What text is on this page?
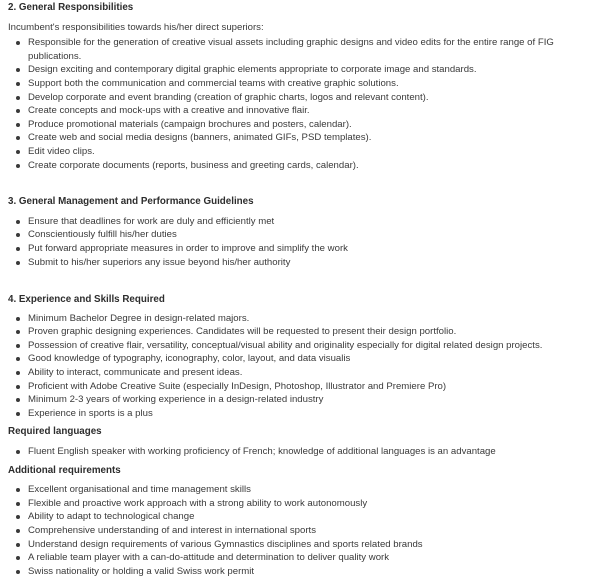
2. General Responsibilities
Incumbent's responsibilities towards his/her direct superiors:
Responsible for the generation of creative visual assets including graphic designs and video edits for the entire range of FIG publications.
Design exciting and contemporary digital graphic elements appropriate to corporate image and standards.
Support both the communication and commercial teams with creative graphic solutions.
Develop corporate and event branding (creation of graphic charts, logos and relevant content).
Create concepts and mock-ups with a creative and innovative flair.
Produce promotional materials (campaign brochures and posters, calendar).
Create web and social media designs (banners, animated GIFs, PSD templates).
Edit video clips.
Create corporate documents (reports, business and greeting cards, calendar).
3. General Management and Performance Guidelines
Ensure that deadlines for work are duly and efficiently met
Conscientiously fulfill his/her duties
Put forward appropriate measures in order to improve and simplify the work
Submit to his/her superiors any issue beyond his/her authority
4. Experience and Skills Required
Minimum Bachelor Degree in design-related majors.
Proven graphic designing experiences. Candidates will be requested to present their design portfolio.
Possession of creative flair, versatility, conceptual/visual ability and originality especially for digital related design projects.
Good knowledge of typography, iconography, color, layout, and data visualis
Ability to interact, communicate and present ideas.
Proficient with Adobe Creative Suite (especially InDesign, Photoshop, Illustrator and Premiere Pro)
Minimum 2-3 years of working experience in a design-related industry
Experience in sports is a plus
Required languages
Fluent English speaker with working proficiency of French; knowledge of additional languages is an advantage
Additional requirements
Excellent organisational and time management skills
Flexible and proactive work approach with a strong ability to work autonomously
Ability to adapt to technological change
Comprehensive understanding of and interest in international sports
Understand design requirements of various Gymnastics disciplines and sports related brands
A reliable team player with a can-do-attitude and determination to deliver quality work
Swiss nationality or holding a valid Swiss work permit
